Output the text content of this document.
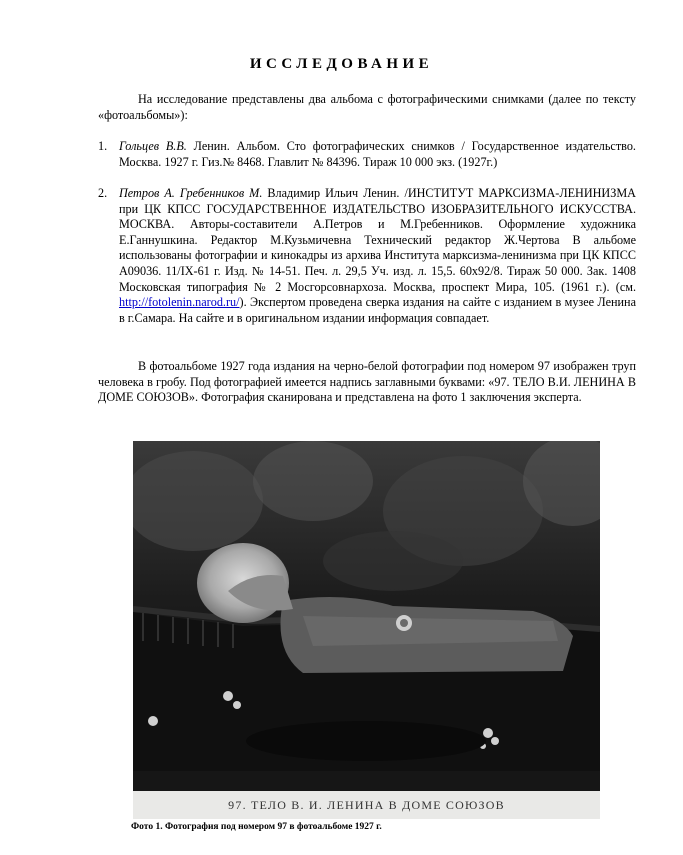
ИССЛЕДОВАНИЕ
На исследование представлены два альбома с фотографическими снимками (далее по тексту «фотоальбомы»):
1. Гольцев В.В. Ленин. Альбом. Сто фотографических снимков / Государственное издательство. Москва. 1927 г. Гиз.№ 8468. Главлит № 84396. Тираж 10 000 экз. (1927г.)
2. Петров А. Гребенников М. Владимир Ильич Ленин. /ИНСТИТУТ МАРКСИЗМА-ЛЕНИНИЗМА при ЦК КПСС ГОСУДАРСТВЕННОЕ ИЗДАТЕЛЬСТВО ИЗОБРАЗИТЕЛЬНОГО ИСКУССТВА. МОСКВА. Авторы-составители А.Петров и М.Гребенников. Оформление художника Е.Ганнушкина. Редактор М.Кузьмичевна Технический редактор Ж.Чертова В альбоме использованы фотографии и кинокадры из архива Института марксизма-ленинизма при ЦК КПСС А09036. 11/IX-61 г. Изд. № 14-51. Печ. л. 29,5 Уч. изд. л. 15,5. 60х92/8. Тираж 50 000. Зак. 1408 Московская типография № 2 Мосгорсовнархоза. Москва, проспект Мира, 105. (1961 г.). (см. http://fotolenin.narod.ru/). Экспертом проведена сверка издания на сайте с изданием в музее Ленина в г.Самара. На сайте и в оригинальном издании информация совпадает.
В фотоальбоме 1927 года издания на черно-белой фотографии под номером 97 изображен труп человека в гробу. Под фотографией имеется надпись заглавными буквами: «97. ТЕЛО В.И. ЛЕНИНА В ДОМЕ СОЮЗОВ». Фотография сканирована и представлена на фото 1 заключения эксперта.
97. ТЕЛО В. И. ЛЕНИНА В ДОМЕ СОЮЗОВ
Фото 1. Фотография под номером 97 в фотоальбоме 1927 г.
